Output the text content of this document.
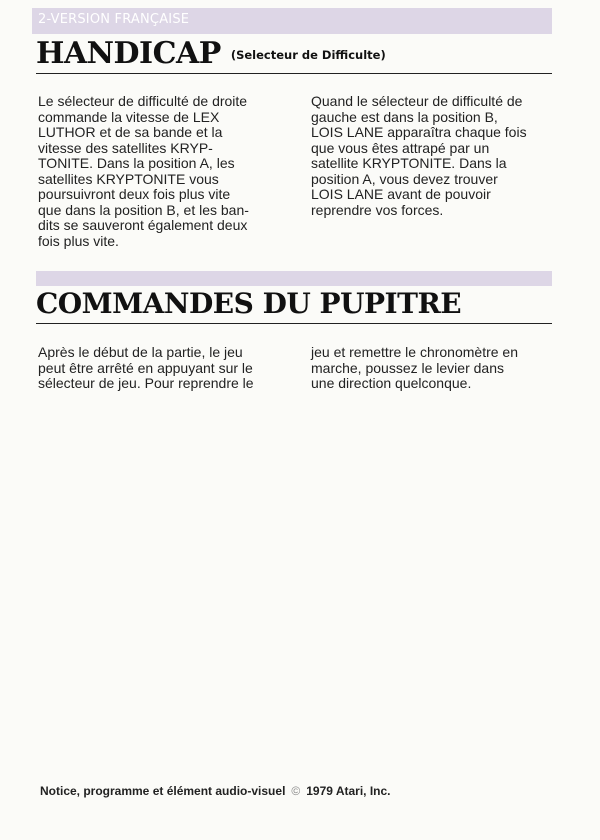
2-VERSION FRANÇAISE
HANDICAP (Selecteur de Difficulte)
Le sélecteur de difficulté de droite
commande la vitesse de LEX
LUTHOR et de sa bande et la
vitesse des satellites KRYP-
TONITE. Dans la position A, les
satellites KRYPTONITE vous
poursuivront deux fois plus vite
que dans la position B, et les ban-
dits se sauveront également deux
fois plus vite.
Quand le sélecteur de difficulté de
gauche est dans la position B,
LOIS LANE apparaîtra chaque fois
que vous êtes attrapé par un
satellite KRYPTONITE. Dans la
position A, vous devez trouver
LOIS LANE avant de pouvoir
reprendre vos forces.
COMMANDES DU PUPITRE
Après le début de la partie, le jeu
peut être arrêté en appuyant sur le
sélecteur de jeu. Pour reprendre le
jeu et remettre le chronomètre en
marche, poussez le levier dans
une direction quelconque.
Notice, programme et élément audio-visuel © 1979 Atari, Inc.
